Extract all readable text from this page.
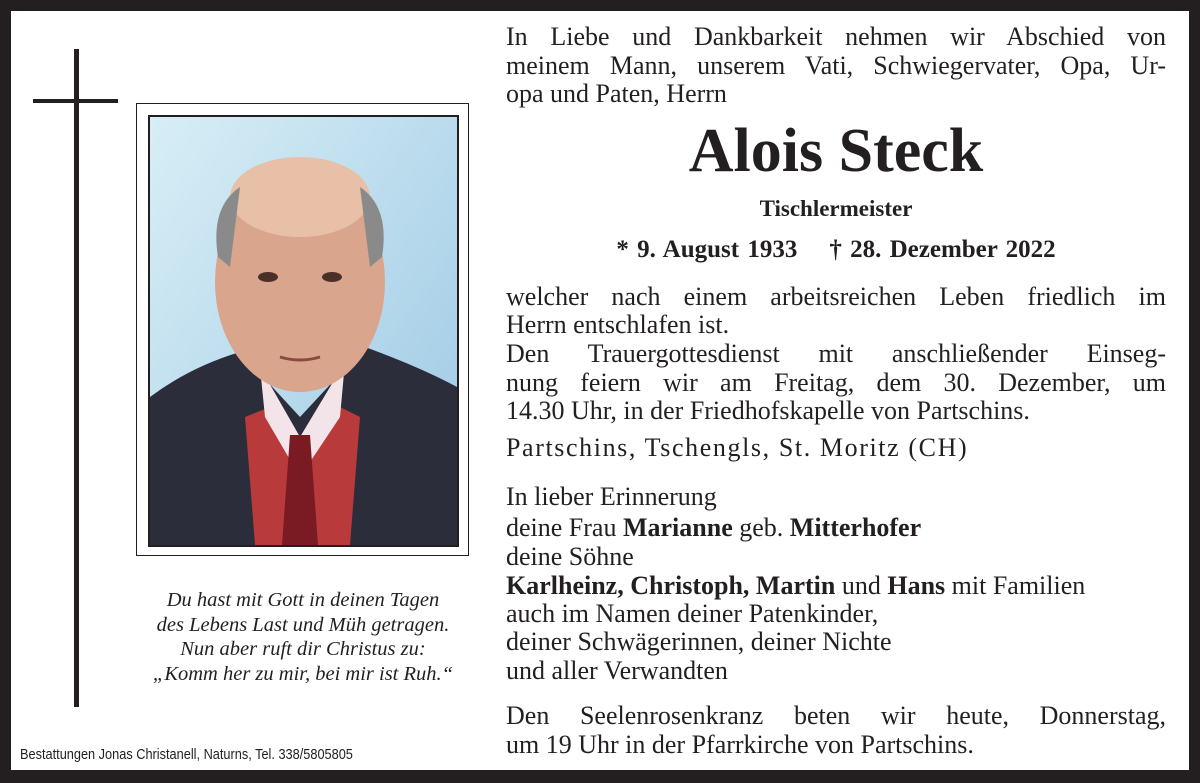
In Liebe und Dankbarkeit nehmen wir Abschied von
meinem Mann, unserem Vati, Schwiegervater, Opa, Ur-
opa und Paten, Herrn
Alois Steck
Tischlermeister
* 9. August 1933 † 28. Dezember 2022
welcher nach einem arbeitsreichen Leben friedlich im
Herrn entschlafen ist.
Den Trauergottesdienst mit anschließender Einseg-
nung feiern wir am Freitag, dem 30. Dezember, um
14.30 Uhr, in der Friedhofskapelle von Partschins.
Partschins, Tschengls, St. Moritz (CH)
In lieber Erinnerung
deine Frau Marianne geb. Mitterhofer
deine Söhne
Karlheinz, Christoph, Martin und Hans mit Familien
auch im Namen deiner Patenkinder,
deiner Schwägerinnen, deiner Nichte
und aller Verwandten
Den Seelenrosenkranz beten wir heute, Donnerstag,
um 19 Uhr in der Pfarrkirche von Partschins.
Du hast mit Gott in deinen Tagen
des Lebens Last und Müh getragen.
Nun aber ruft dir Christus zu:
„Komm her zu mir, bei mir ist Ruh.“
Bestattungen Jonas Christanell, Naturns, Tel. 338/5805805
